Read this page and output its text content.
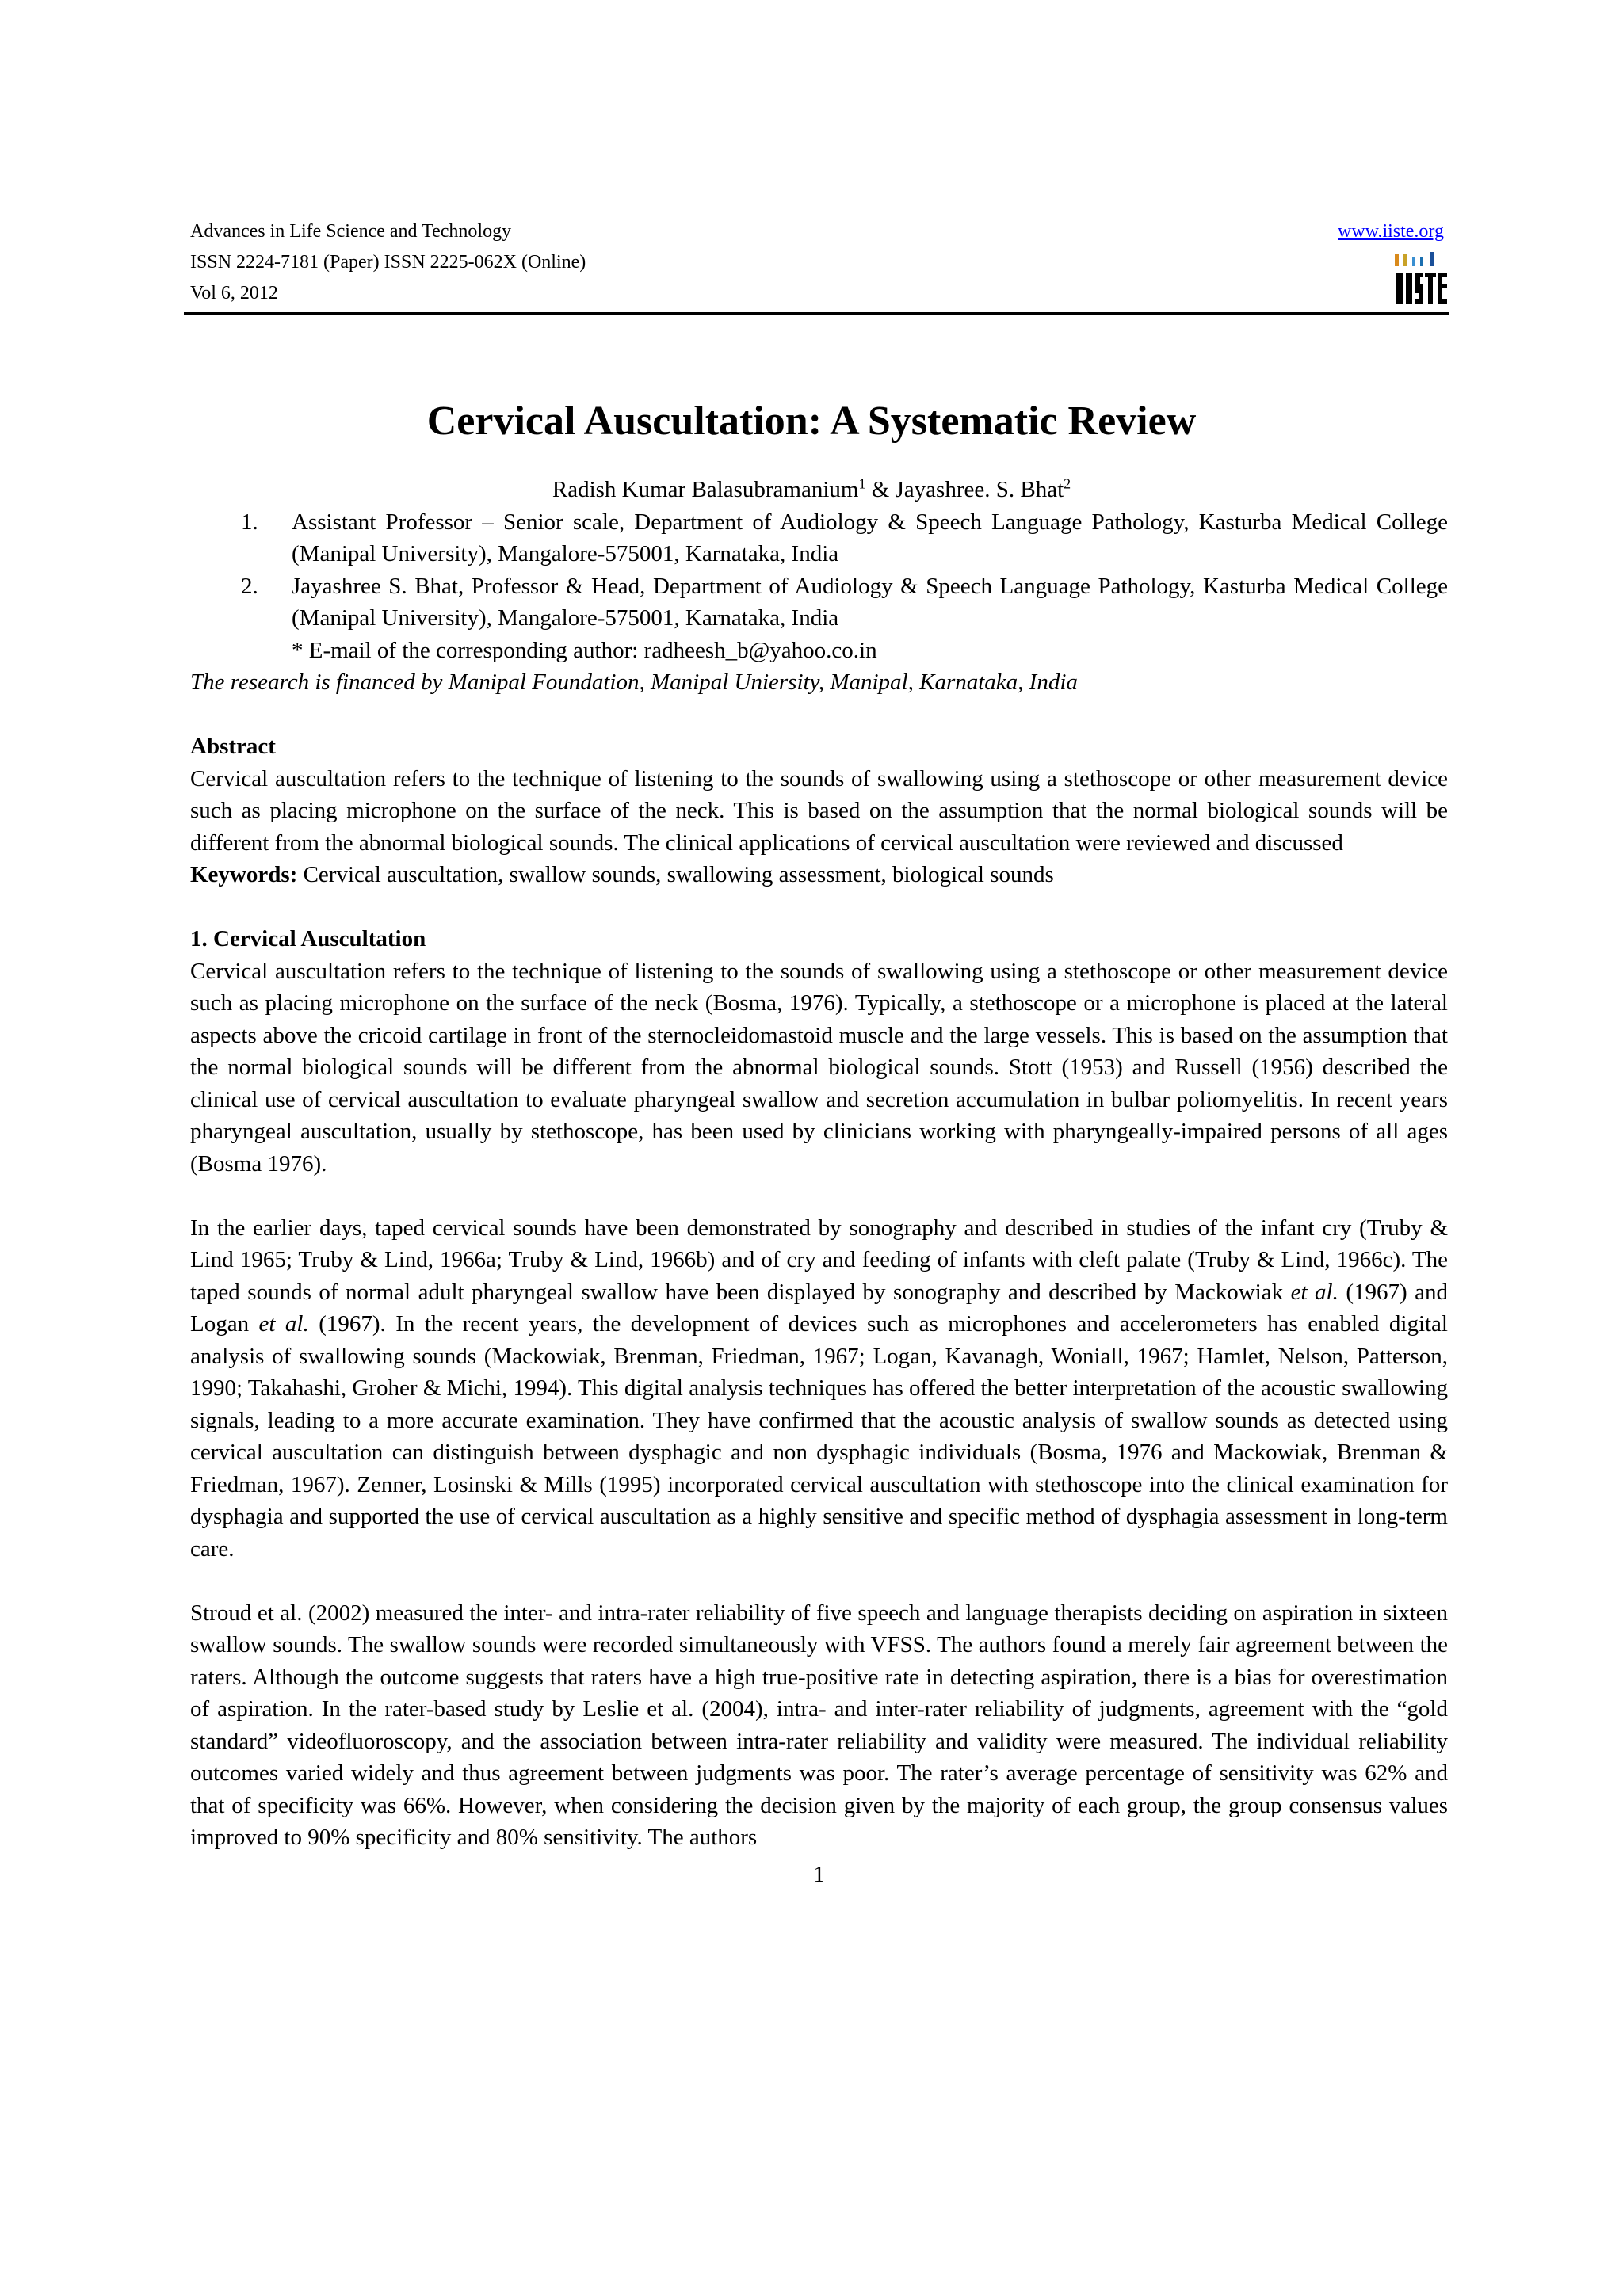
Advances in Life Science and Technology
ISSN 2224-7181 (Paper) ISSN 2225-062X (Online)
Vol 6, 2012
www.iiste.org
Cervical Auscultation: A Systematic Review
Radish Kumar Balasubramanium$^1$ & Jayashree. S. Bhat$^2$
1. Assistant Professor – Senior scale, Department of Audiology & Speech Language Pathology, Kasturba Medical College (Manipal University), Mangalore-575001, Karnataka, India
2. Jayashree S. Bhat, Professor & Head, Department of Audiology & Speech Language Pathology, Kasturba Medical College (Manipal University), Mangalore-575001, Karnataka, India
* E-mail of the corresponding author: radheesh_b@yahoo.co.in
The research is financed by Manipal Foundation, Manipal Uniersity, Manipal, Karnataka, India
Abstract

Cervical auscultation refers to the technique of listening to the sounds of swallowing using a stethoscope or other measurement device such as placing microphone on the surface of the neck. This is based on the assumption that the normal biological sounds will be different from the abnormal biological sounds. The clinical applications of cervical auscultation were reviewed and discussed

Keywords: Cervical auscultation, swallow sounds, swallowing assessment, biological sounds

1. Cervical Auscultation

Cervical auscultation refers to the technique of listening to the sounds of swallowing using a stethoscope or other measurement device such as placing microphone on the surface of the neck (Bosma, 1976). Typically, a stethoscope or a microphone is placed at the lateral aspects above the cricoid cartilage in front of the sternocleidomastoid muscle and the large vessels. This is based on the assumption that the normal biological sounds will be different from the abnormal biological sounds. Stott (1953) and Russell (1956) described the clinical use of cervical auscultation to evaluate pharyngeal swallow and secretion accumulation in bulbar poliomyelitis. In recent years pharyngeal auscultation, usually by stethoscope, has been used by clinicians working with pharyngeally-impaired persons of all ages (Bosma 1976).

In the earlier days, taped cervical sounds have been demonstrated by sonography and described in studies of the infant cry (Truby & Lind 1965; Truby & Lind, 1966a; Truby & Lind, 1966b) and of cry and feeding of infants with cleft palate (Truby & Lind, 1966c). The taped sounds of normal adult pharyngeal swallow have been displayed by sonography and described by Mackowiak et al. (1967) and Logan et al. (1967). In the recent years, the development of devices such as microphones and accelerometers has enabled digital analysis of swallowing sounds (Mackowiak, Brenman, Friedman, 1967; Logan, Kavanagh, Woniall, 1967; Hamlet, Nelson, Patterson, 1990; Takahashi, Groher & Michi, 1994). This digital analysis techniques has offered the better interpretation of the acoustic swallowing signals, leading to a more accurate examination. They have confirmed that the acoustic analysis of swallow sounds as detected using cervical auscultation can distinguish between dysphagic and non dysphagic individuals (Bosma, 1976 and Mackowiak, Brenman & Friedman, 1967). Zenner, Losinski & Mills (1995) incorporated cervical auscultation with stethoscope into the clinical examination for dysphagia and supported the use of cervical auscultation as a highly sensitive and specific method of dysphagia assessment in long-term care.

Stroud et al. (2002) measured the inter- and intra-rater reliability of five speech and language therapists deciding on aspiration in sixteen swallow sounds. The swallow sounds were recorded simultaneously with VFSS. The authors found a merely fair agreement between the raters. Although the outcome suggests that raters have a high true-positive rate in detecting aspiration, there is a bias for overestimation of aspiration. In the rater-based study by Leslie et al. (2004), intra- and inter-rater reliability of judgments, agreement with the “gold standard” videofluoroscopy, and the association between intra-rater reliability and validity were measured. The individual reliability outcomes varied widely and thus agreement between judgments was poor. The rater’s average percentage of sensitivity was 62% and that of specificity was 66%. However, when considering the decision given by the majority of each group, the group consensus values improved to 90% specificity and 80% sensitivity. The authors

1
